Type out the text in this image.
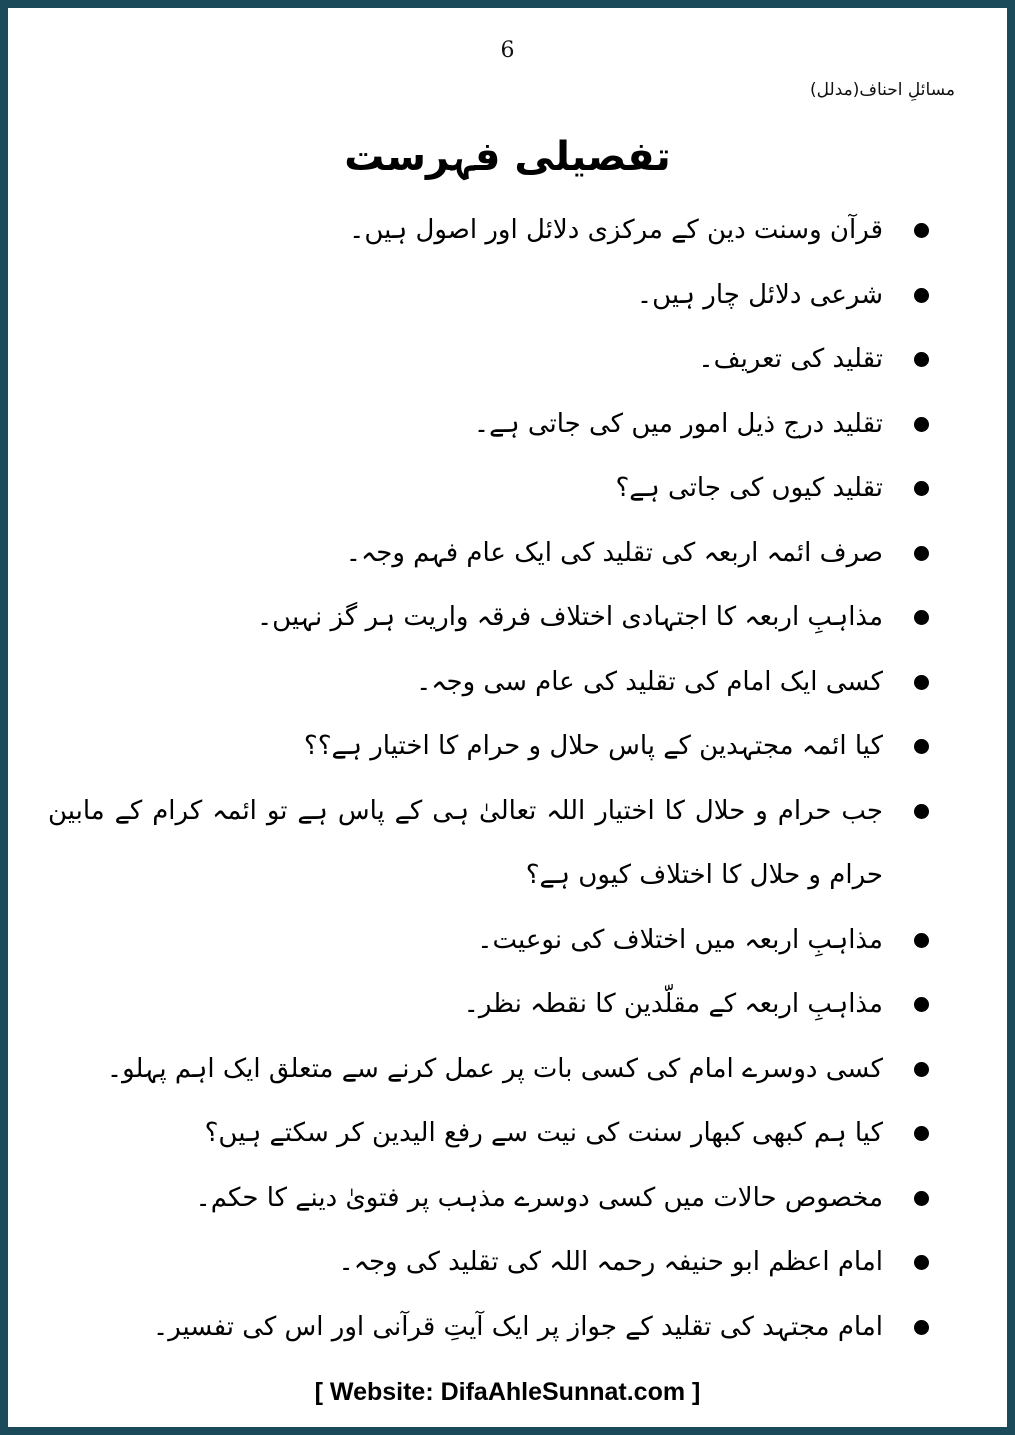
6
مسائلِ احناف(مدلل)
تفصیلی فہرست
قرآن وسنت دین کے مرکزی دلائل اور اصول ہیں۔
شرعی دلائل چار ہیں۔
تقلید کی تعریف۔
تقلید درج ذیل امور میں کی جاتی ہے۔
تقلید کیوں کی جاتی ہے؟
صرف ائمہ اربعہ کی تقلید کی ایک عام فہم وجہ۔
مذاہبِ اربعہ کا اجتہادی اختلاف فرقہ واریت ہر گز نہیں۔
کسی ایک امام کی تقلید کی عام سی وجہ۔
کیا ائمہ مجتہدین کے پاس حلال و حرام کا اختیار ہے؟؟
جب حرام و حلال کا اختیار اللہ تعالیٰ ہی کے پاس ہے تو ائمہ کرام کے مابین حرام و حلال کا اختلاف کیوں ہے؟
مذاہبِ اربعہ میں اختلاف کی نوعیت۔
مذاہبِ اربعہ کے مقلّدین کا نقطہ نظر۔
کسی دوسرے امام کی کسی بات پر عمل کرنے سے متعلق ایک اہم پہلو۔
کیا ہم کبھی کبھار سنت کی نیت سے رفع الیدین کر سکتے ہیں؟
مخصوص حالات میں کسی دوسرے مذہب پر فتویٰ دینے کا حکم۔
امام اعظم ابو حنیفہ رحمہ اللہ کی تقلید کی وجہ۔
امام مجتہد کی تقلید کے جواز پر ایک آیتِ قرآنی اور اس کی تفسیر۔
[ Website: DifaAhleSunnat.com ]
